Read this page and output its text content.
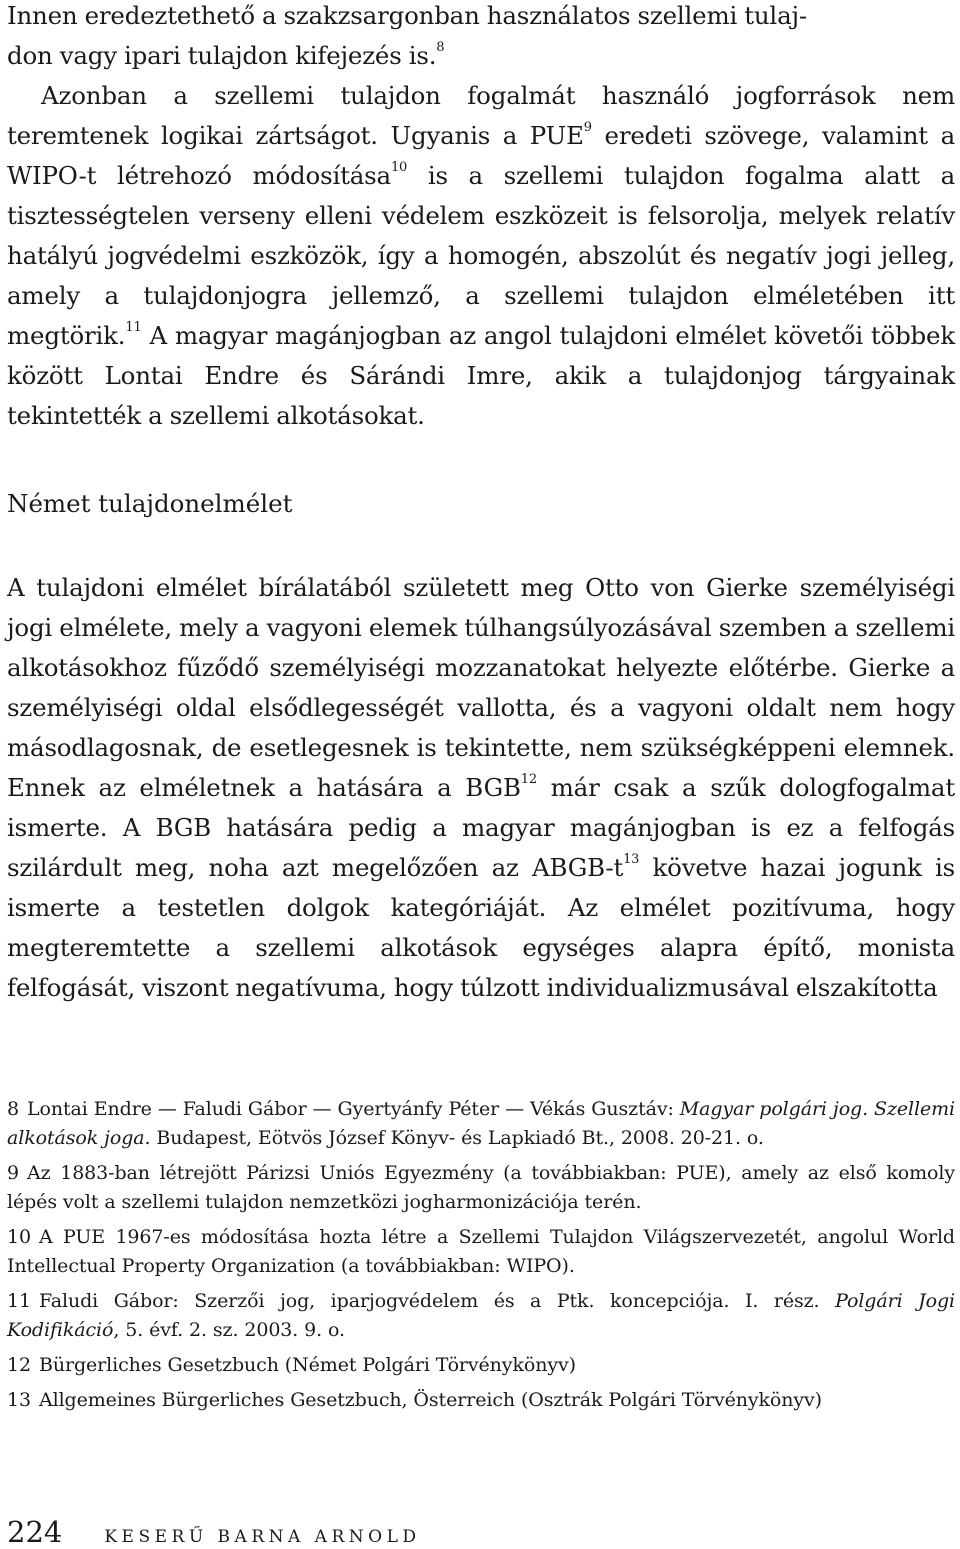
Innen eredeztethető a szakzsargonban használatos szellemi tulaj-
don vagy ipari tulajdon kifejezés is.$^8$

Azonban a szellemi tulajdon fogalmát használó jogforrások nem teremtenek logikai zártságot. Ugyanis a PUE$^9$ eredeti szövege, valamint a WIPO-t létrehozó módosítása$^{10}$ is a szellemi tulajdon fogalma alatt a tisztességtelen verseny elleni védelem eszközeit is felsorolja, melyek relatív hatályú jogvédelmi eszközök, így a homogén, abszolút és negatív jogi jelleg, amely a tulajdonjogra jellemző, a szellemi tulajdon elméletében itt megtörik.$^{11}$ A magyar magánjogban az angol tulajdoni elmélet követői többek között Lontai Endre és Sárándi Imre, akik a tulajdonjog tárgyainak tekintették a szellemi alkotásokat.

Német tulajdonelmélet

A tulajdoni elmélet bírálatából született meg Otto von Gierke személyiségi jogi elmélete, mely a vagyoni elemek túlhangsúlyozásával szemben a szellemi alkotásokhoz fűződő személyiségi mozzanatokat helyezte előtérbe. Gierke a személyiségi oldal elsődlegességét vallotta, és a vagyoni oldalt nem hogy másodlagosnak, de esetlegesnek is tekintette, nem szükségképpeni elemnek. Ennek az elméletnek a hatására a BGB$^{12}$ már csak a szűk dologfogalmat ismerte. A BGB hatására pedig a magyar magánjogban is ez a felfogás szilárdult meg, noha azt megelőzően az ABGB-$t^{13}$ követve hazai jogunk is ismerte a testetlen dolgok kategóriáját. Az elmélet pozitívuma, hogy megteremtette a szellemi alkotások egységes alapra építő, monista felfogását, viszont negatívuma, hogy túlzott individualizmusával elszakította

8 Lontai Endre — Faludi Gábor — Gyertyánfy Péter — Vékás Gusztáv: Magyar polgári jog. Szellemi alkotások joga. Budapest, Eötvös József Könyv- és Lapkiadó Bt., 2008. 20-21. o.

9 Az 1883-ban létrejött Párizsi Uniós Egyezmény (a továbbiakban: PUE), amely az első komoly lépés volt a szellemi tulajdon nemzetközi jogharmonizációja terén.

10 A PUE 1967-es módosítása hozta létre a Szellemi Tulajdon Világszervezetét, angolul World Intellectual Property Organization (a továbbiakban: WIPO).

11 Faludi Gábor: Szerzői jog, iparjogvédelem és a Ptk. koncepciója. I. rész. Polgári Jogi Kodifikáció, 5. évf. 2. sz. 2003. 9. o.

12 Bürgerliches Gesetzbuch (Német Polgári Törvénykönyv)

13 Allgemeines Bürgerliches Gesetzbuch, Österreich (Osztrák Polgári Törvénykönyv)

224 KESERŰ BARNA ARNOLD
